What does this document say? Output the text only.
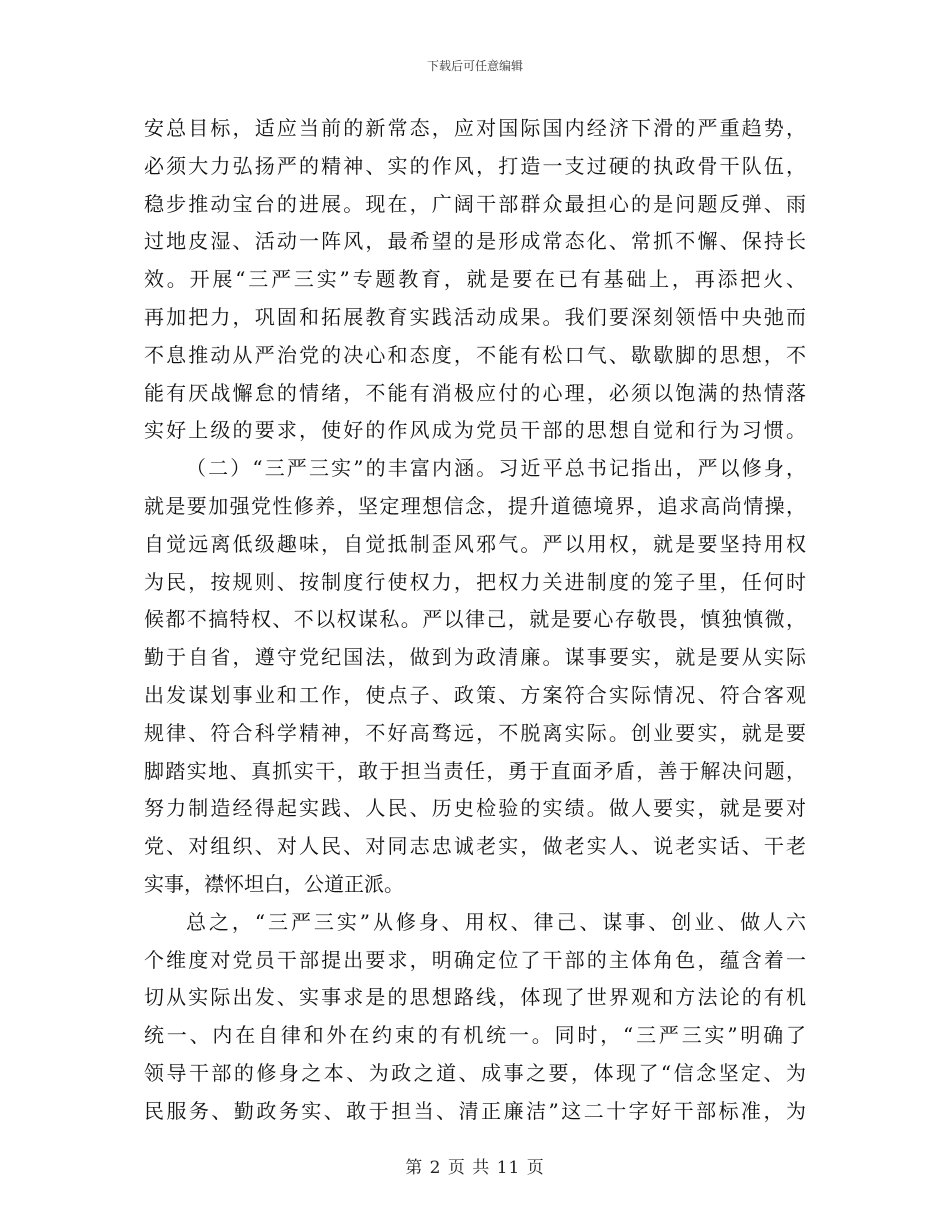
下载后可任意编辑
安总目标，适应当前的新常态，应对国际国内经济下滑的严重趋势，
必须大力弘扬严的精神、实的作风，打造一支过硬的执政骨干队伍，
稳步推动宝台的进展。现在，广阔干部群众最担心的是问题反弹、雨
过地皮湿、活动一阵风，最希望的是形成常态化、常抓不懈、保持长
效。开展“三严三实”专题教育，就是要在已有基础上，再添把火、
再加把力，巩固和拓展教育实践活动成果。我们要深刻领悟中央弛而
不息推动从严治党的决心和态度，不能有松口气、歇歇脚的思想，不
能有厌战懈怠的情绪，不能有消极应付的心理，必须以饱满的热情落
实好上级的要求，使好的作风成为党员干部的思想自觉和行为习惯。
（二）“三严三实”的丰富内涵。习近平总书记指出，严以修身，
就是要加强党性修养，坚定理想信念，提升道德境界，追求高尚情操，
自觉远离低级趣味，自觉抵制歪风邪气。严以用权，就是要坚持用权
为民，按规则、按制度行使权力，把权力关进制度的笼子里，任何时
候都不搞特权、不以权谋私。严以律己，就是要心存敬畏，慎独慎微，
勤于自省，遵守党纪国法，做到为政清廉。谋事要实，就是要从实际
出发谋划事业和工作，使点子、政策、方案符合实际情况、符合客观
规律、符合科学精神，不好高骛远，不脱离实际。创业要实，就是要
脚踏实地、真抓实干，敢于担当责任，勇于直面矛盾，善于解决问题，
努力制造经得起实践、人民、历史检验的实绩。做人要实，就是要对
党、对组织、对人民、对同志忠诚老实，做老实人、说老实话、干老
实事，襟怀坦白，公道正派。
总之，“三严三实”从修身、用权、律己、谋事、创业、做人六
个维度对党员干部提出要求，明确定位了干部的主体角色，蕴含着一
切从实际出发、实事求是的思想路线，体现了世界观和方法论的有机
统一、内在自律和外在约束的有机统一。同时，“三严三实”明确了
领导干部的修身之本、为政之道、成事之要，体现了“信念坚定、为
民服务、勤政务实、敢于担当、清正廉洁”这二十字好干部标准，为
第 2 页 共 11 页
